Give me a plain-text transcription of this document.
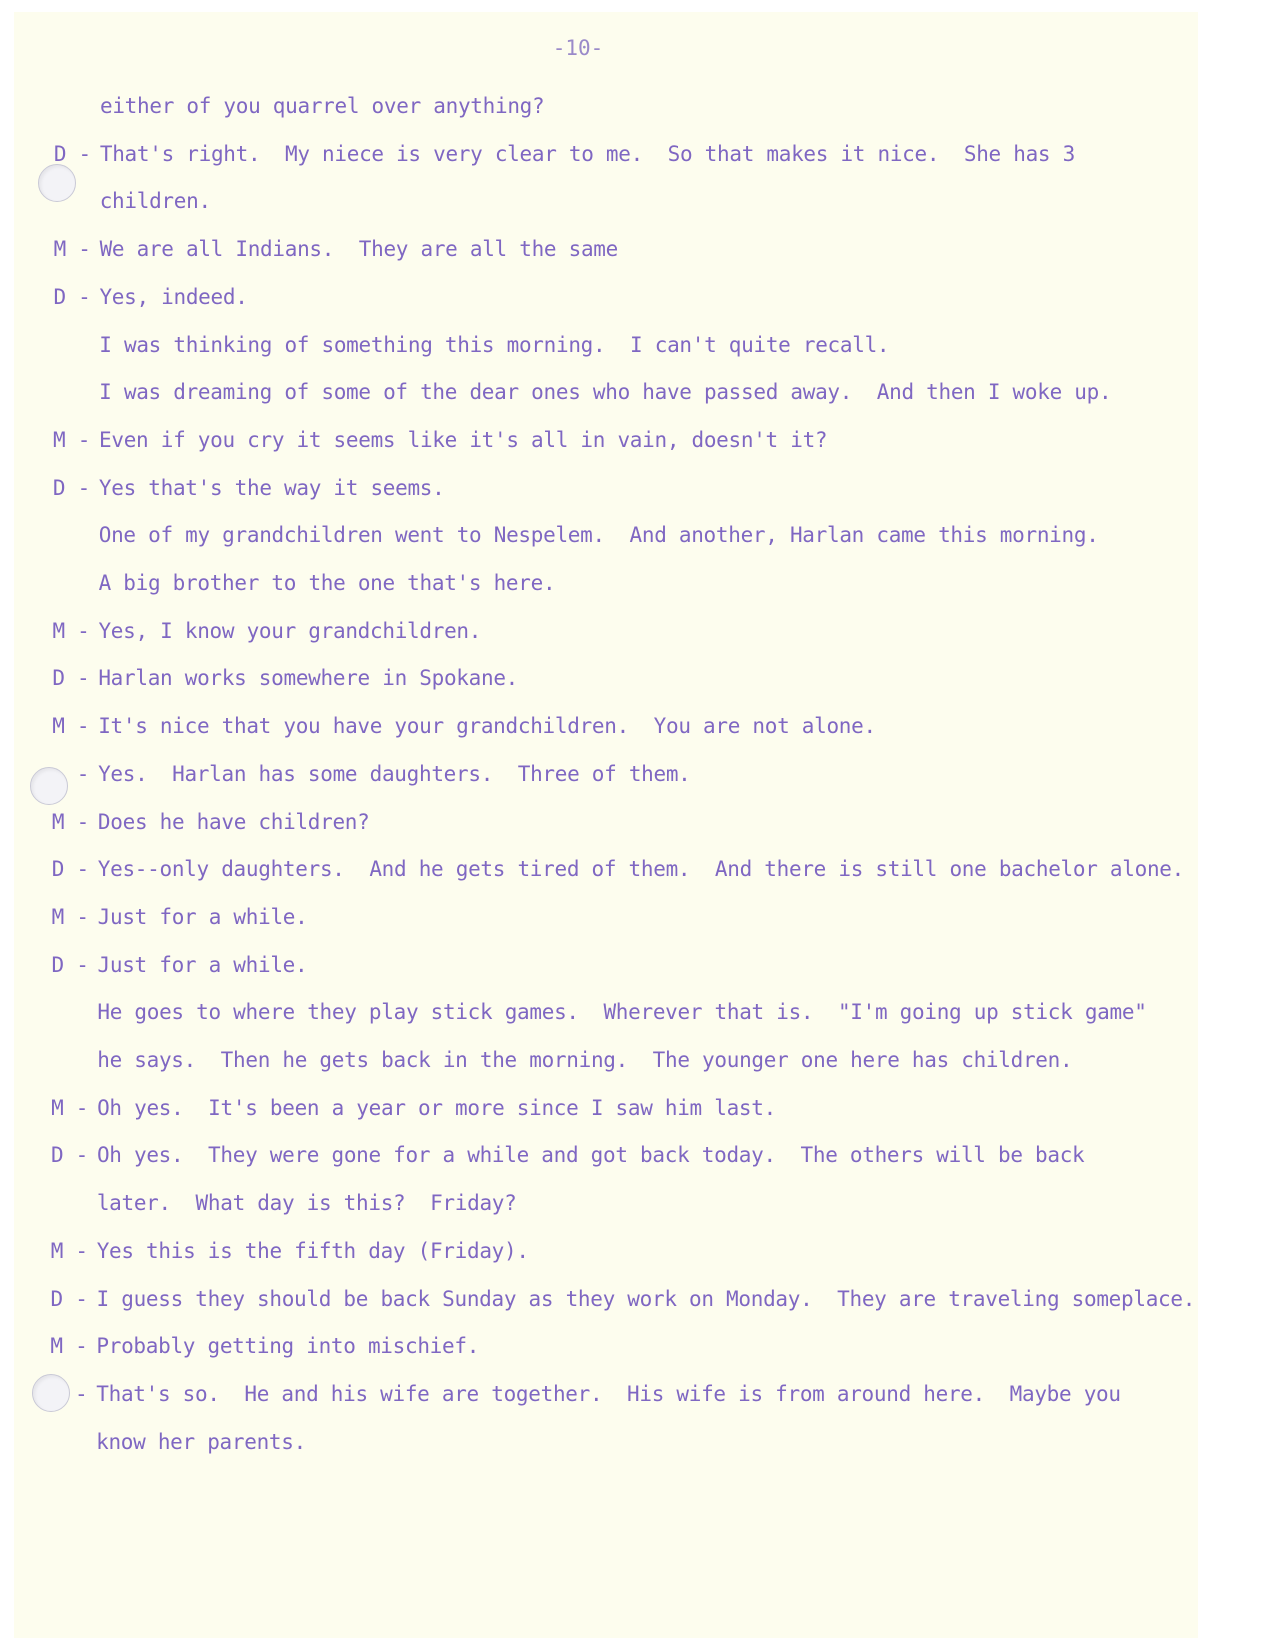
-10-
either of you quarrel over anything?
D - That's right.  My niece is very clear to me.  So that makes it nice.  She has 3
children.
M - We are all Indians.  They are all the same
D - Yes, indeed.
I was thinking of something this morning.  I can't quite recall.
I was dreaming of some of the dear ones who have passed away.  And then I woke up.
M - Even if you cry it seems like it's all in vain, doesn't it?
D - Yes that's the way it seems.
One of my grandchildren went to Nespelem.  And another, Harlan came this morning.
A big brother to the one that's here.
M - Yes, I know your grandchildren.
D - Harlan works somewhere in Spokane.
M - It's nice that you have your grandchildren.  You are not alone.
- Yes.  Harlan has some daughters.  Three of them.
M - Does he have children?
D - Yes--only daughters.  And he gets tired of them.  And there is still one bachelor alone.
M - Just for a while.
D - Just for a while.
He goes to where they play stick games.  Wherever that is.  "I'm going up stick game"
he says.  Then he gets back in the morning.  The younger one here has children.
M - Oh yes.  It's been a year or more since I saw him last.
D - Oh yes.  They were gone for a while and got back today.  The others will be back
later.  What day is this?  Friday?
M - Yes this is the fifth day (Friday).
D - I guess they should be back Sunday as they work on Monday.  They are traveling someplace.
M - Probably getting into mischief.
- That's so.  He and his wife are together.  His wife is from around here.  Maybe you
know her parents.
